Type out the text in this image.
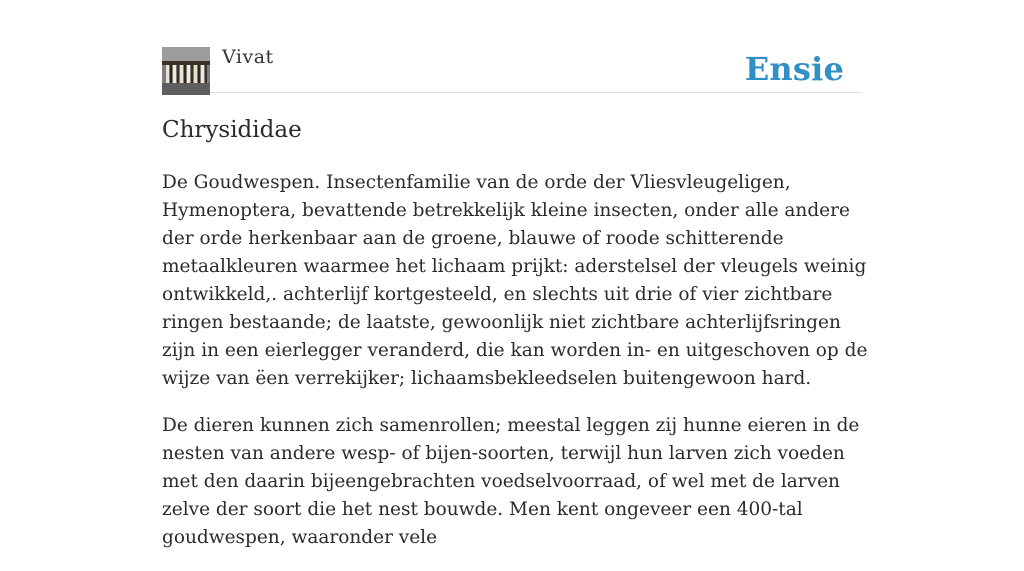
Vivat	Ensie
Chrysididae

De Goudwespen. Insectenfamilie van de orde der Vliesvleugeligen, Hymenoptera, bevattende betrekkelijk kleine insecten, onder alle andere der orde herkenbaar aan de groene, blauwe of roode schitterende metaalkleuren waarmee het lichaam prijkt: aderstelsel der vleugels weinig ontwikkeld,. achterlijf kortgesteeld, en slechts uit drie of vier zichtbare ringen bestaande; de laatste, gewoonlijk niet zichtbare achterlijfsringen zijn in een eierlegger veranderd, die kan worden in- en uitgeschoven op de wijze van ëen verrekijker; lichaamsbekleedselen buitengewoon hard.

De dieren kunnen zich samenrollen; meestal leggen zij hunne eieren in de nesten van andere wesp- of bijen-soorten, terwijl hun larven zich voeden met den daarin bijeengebrachten voedselvoorraad, of wel met de larven zelve der soort die het nest bouwde. Men kent ongeveer een 400-tal goudwespen, waaronder vele
